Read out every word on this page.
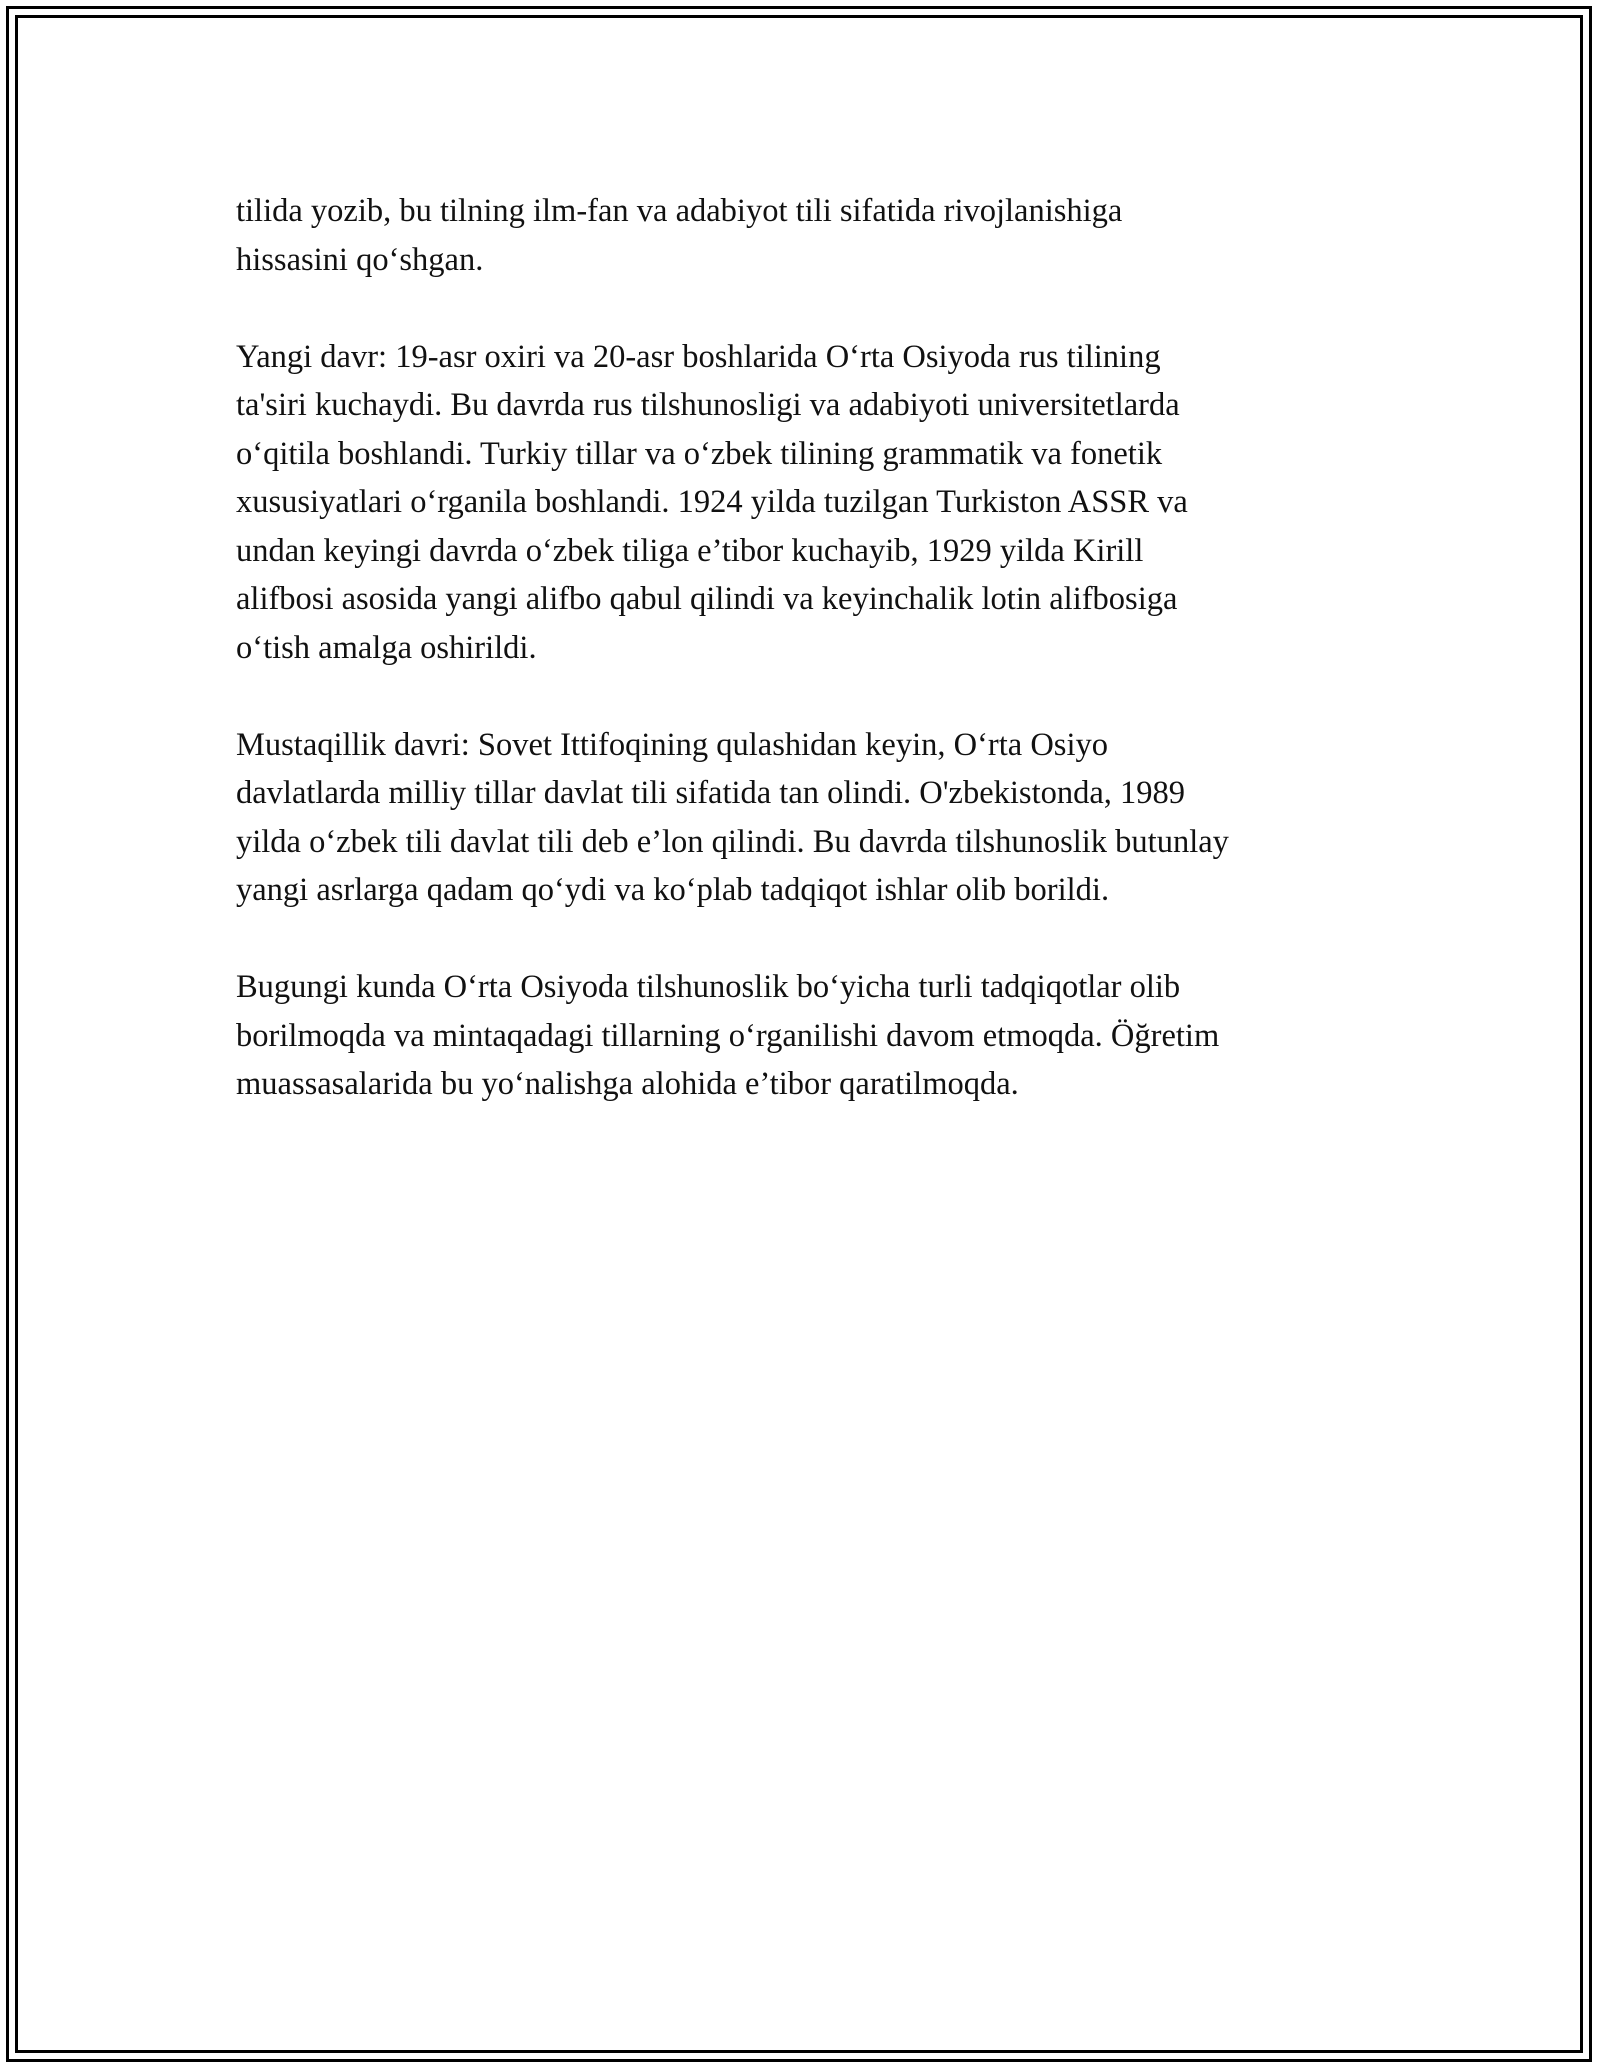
tilida yozib, bu tilning ilm-fan va adabiyot tili sifatida rivojlanishiga
hissasini qo‘shgan.

Yangi davr: 19-asr oxiri va 20-asr boshlarida O‘rta Osiyoda rus tilining
ta'siri kuchaydi. Bu davrda rus tilshunosligi va adabiyoti universitetlarda
o‘qitila boshlandi. Turkiy tillar va o‘zbek tilining grammatik va fonetik
xususiyatlari o‘rganila boshlandi. 1924 yilda tuzilgan Turkiston ASSR va
undan keyingi davrda o‘zbek tiliga e’tibor kuchayib, 1929 yilda Kirill
alifbosi asosida yangi alifbo qabul qilindi va keyinchalik lotin alifbosiga
o‘tish amalga oshirildi.

Mustaqillik davri: Sovet Ittifoqining qulashidan keyin, O‘rta Osiyo
davlatlarda milliy tillar davlat tili sifatida tan olindi. O'zbekistonda, 1989
yilda o‘zbek tili davlat tili deb e’lon qilindi. Bu davrda tilshunoslik butunlay
yangi asrlarga qadam qo‘ydi va ko‘plab tadqiqot ishlar olib borildi.

Bugungi kunda O‘rta Osiyoda tilshunoslik bo‘yicha turli tadqiqotlar olib
borilmoqda va mintaqadagi tillarning o‘rganilishi davom etmoqda. Öğretim
muassasalarida bu yo‘nalishga alohida e’tibor qaratilmoqda.
